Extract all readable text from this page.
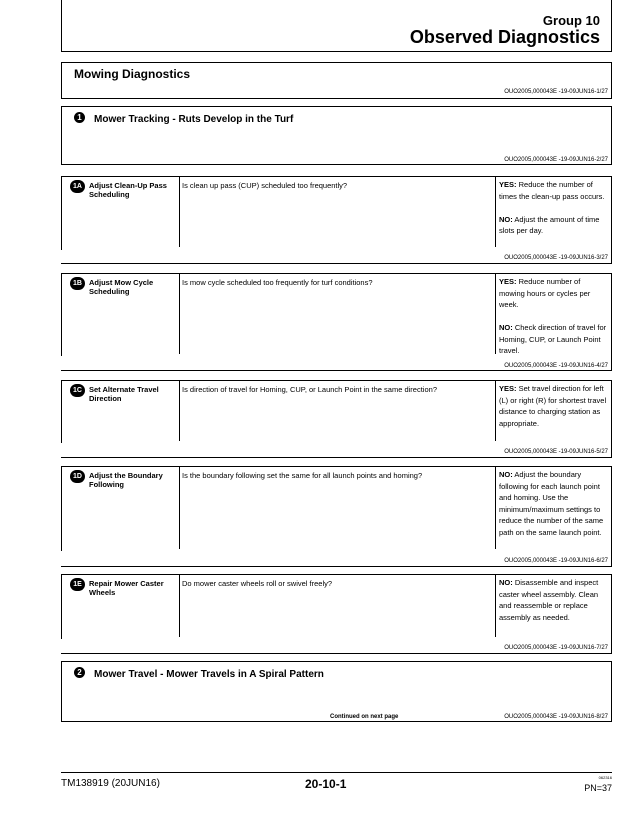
Group 10
Observed Diagnostics
Mowing Diagnostics
OUO2005,000043E -19-09JUN16-1/27
1	Mower Tracking - Ruts Develop in the Turf
OUO2005,000043E -19-09JUN16-2/27
1A Adjust Clean-Up Pass Scheduling
Is clean up pass (CUP) scheduled too frequently?	YES: Reduce the number of times the clean-up pass occurs.
NO: Adjust the amount of time slots per day.
OUO2005,000043E -19-09JUN16-3/27
1B Adjust Mow Cycle Scheduling
Is mow cycle scheduled too frequently for turf conditions?	YES: Reduce number of mowing hours or cycles per week.
NO: Check direction of travel for Homing, CUP, or Launch Point travel.
OUO2005,000043E -19-09JUN16-4/27
1C Set Alternate Travel Direction
Is direction of travel for Homing, CUP, or Launch Point in the same direction?	YES: Set travel direction for left (L) or right (R) for shortest travel distance to charging station as appropriate.
OUO2005,000043E -19-09JUN16-5/27
1D Adjust the Boundary Following
Is the boundary following set the same for all launch points and homing?	NO: Adjust the boundary following for each launch point and homing. Use the minimum/maximum settings to reduce the number of the same path on the same launch point.
OUO2005,000043E -19-09JUN16-6/27
1E Repair Mower Caster Wheels
Do mower caster wheels roll or swivel freely?	NO: Disassemble and inspect caster wheel assembly. Clean and reassemble or replace assembly as needed.
OUO2005,000043E -19-09JUN16-7/27
2	Mower Travel - Mower Travels in A Spiral Pattern
Continued on next page	OUO2005,000043E -19-09JUN16-8/27
TM138919 (20JUN16)	20-10-1	062316
PN=37
